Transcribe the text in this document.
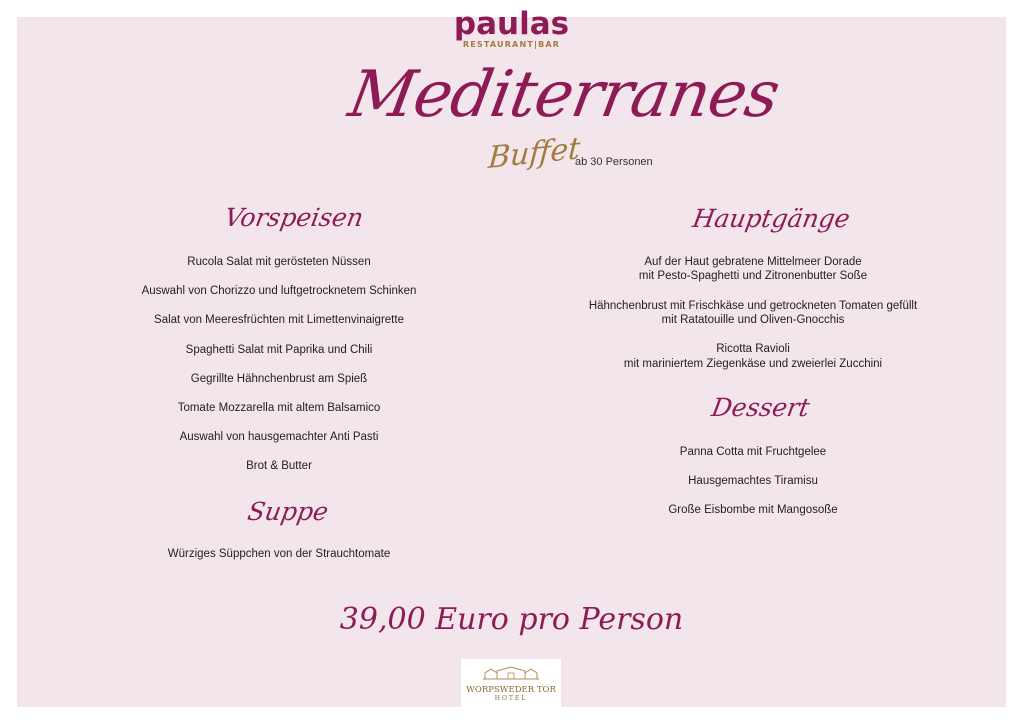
paulas
RESTAURANT|BAR
Mediterranes
Buffet
ab 30 Personen
Vorspeisen
Rucola Salat mit gerösteten Nüssen
Auswahl von Chorizzo und luftgetrocknetem Schinken
Salat von Meeresfrüchten mit Limettenvinaigrette
Spaghetti Salat mit Paprika und Chili
Gegrillte Hähnchenbrust am Spieß
Tomate Mozzarella mit altem Balsamico
Auswahl von hausgemachter Anti Pasti
Brot & Butter
Suppe
Würziges Süppchen von der Strauchtomate
Hauptgänge
Auf der Haut gebratene Mittelmeer Dorade
mit Pesto-Spaghetti und Zitronenbutter Soße
Hähnchenbrust mit Frischkäse und getrockneten Tomaten gefüllt
mit Ratatouille und Oliven-Gnocchis
Ricotta Ravioli
mit mariniertem Ziegenkäse und zweierlei Zucchini
Dessert
Panna Cotta mit Fruchtgelee
Hausgemachtes Tiramisu
Große Eisbombe mit Mangosoße
39,00 Euro pro Person
WORPSWEDER TOR
HOTEL
